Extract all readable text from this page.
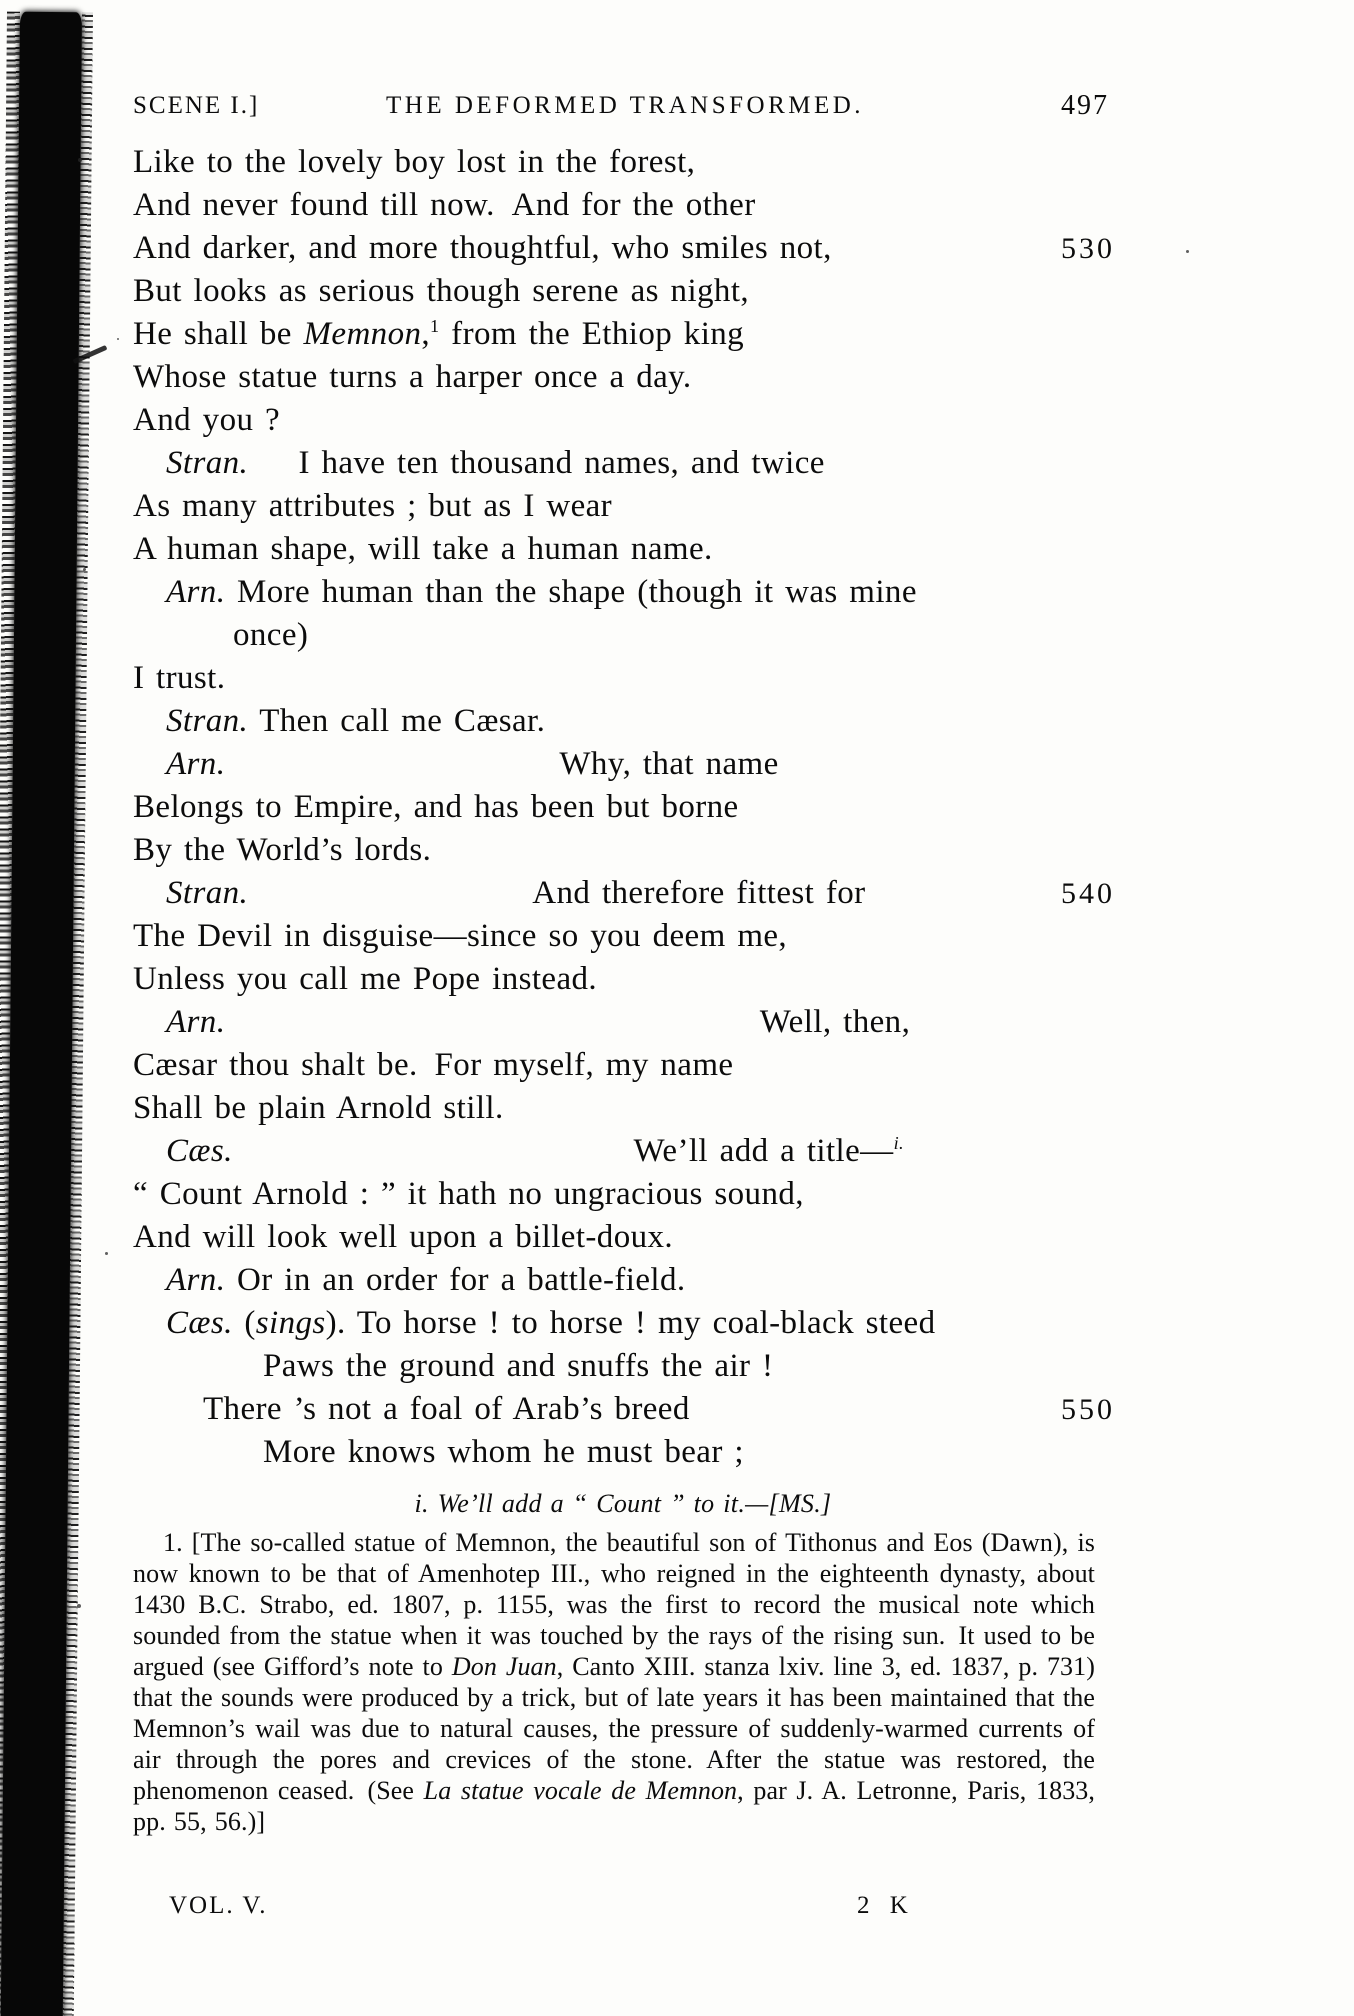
SCENE I.]	THE DEFORMED TRANSFORMED.	497
Like to the lovely boy lost in the forest,
And never found till now. And for the other
And darker, and more thoughtful, who smiles not,	530
But looks as serious though serene as night,
He shall be Memnon,$^1$ from the Ethiop king
Whose statue turns a harper once a day.
And you ?
Stran.  I have ten thousand names, and twice
As many attributes ; but as I wear
A human shape, will take a human name.
Arn. More human than the shape (though it was mine
once)
I trust.
Stran. Then call me Cæsar.
Arn.          Why, that name
Belongs to Empire, and has been but borne
By the World’s lords.
Stran.         And therefore fittest for	540
The Devil in disguise—since so you deem me,
Unless you call me Pope instead.
Arn.                Well, then,
Cæsar thou shalt be. For myself, my name
Shall be plain Arnold still.
Cæs.            We’ll add a title—$^{i.}$
“ Count Arnold : ” it hath no ungracious sound,
And will look well upon a billet-doux.
Arn. Or in an order for a battle-field.
Cæs. (sings). To horse ! to horse ! my coal-black steed
Paws the ground and snuffs the air !
There ’s not a foal of Arab’s breed	550
More knows whom he must bear ;
i. We’ll add a “ Count ” to it.—[MS.]

1. [The so-called statue of Memnon, the beautiful son of Tithonus and Eos (Dawn), is now known to be that of Amenhotep III., who reigned in the eighteenth dynasty, about 1430 B.C. Strabo, ed. 1807, p. 1155, was the first to record the musical note which sounded from the statue when it was touched by the rays of the rising sun. It used to be argued (see Gifford’s note to Don Juan, Canto XIII. stanza lxiv. line 3, ed. 1837, p. 731) that the sounds were produced by a trick, but of late years it has been maintained that the Memnon’s wail was due to natural causes, the pressure of suddenly-warmed currents of air through the pores and crevices of the stone. After the statue was restored, the phenomenon ceased. (See La statue vocale de Memnon, par J. A. Letronne, Paris, 1833, pp. 55, 56.)]

VOL. V.	2 K
